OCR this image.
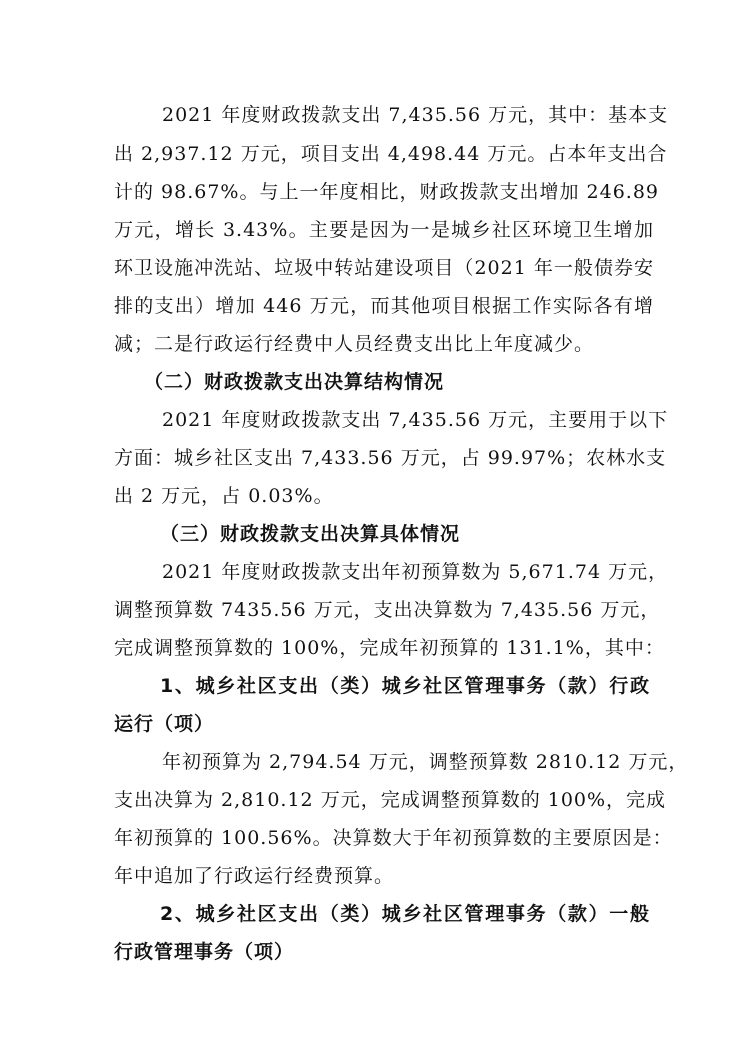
2021 年度财政拨款支出 7,435.56 万元，其中：基本支
出 2,937.12 万元，项目支出 4,498.44 万元。占本年支出合
计的 98.67%。与上一年度相比，财政拨款支出增加 246.89
万元，增长 3.43%。主要是因为一是城乡社区环境卫生增加
环卫设施冲洗站、垃圾中转站建设项目（2021 年一般债券安
排的支出）增加 446 万元，而其他项目根据工作实际各有增
减；二是行政运行经费中人员经费支出比上年度减少。
（二）财政拨款支出决算结构情况
2021 年度财政拨款支出 7,435.56 万元，主要用于以下
方面：城乡社区支出 7,433.56 万元，占 99.97%；农林水支
出 2 万元，占 0.03%。
（三）财政拨款支出决算具体情况
2021 年度财政拨款支出年初预算数为 5,671.74 万元，
调整预算数 7435.56 万元，支出决算数为 7,435.56 万元，
完成调整预算数的 100%，完成年初预算的 131.1%，其中：
1、城乡社区支出（类）城乡社区管理事务（款）行政
运行（项）
年初预算为 2,794.54 万元，调整预算数 2810.12 万元，
支出决算为 2,810.12 万元，完成调整预算数的 100%，完成
年初预算的 100.56%。决算数大于年初预算数的主要原因是：
年中追加了行政运行经费预算。
2、城乡社区支出（类）城乡社区管理事务（款）一般
行政管理事务（项）
